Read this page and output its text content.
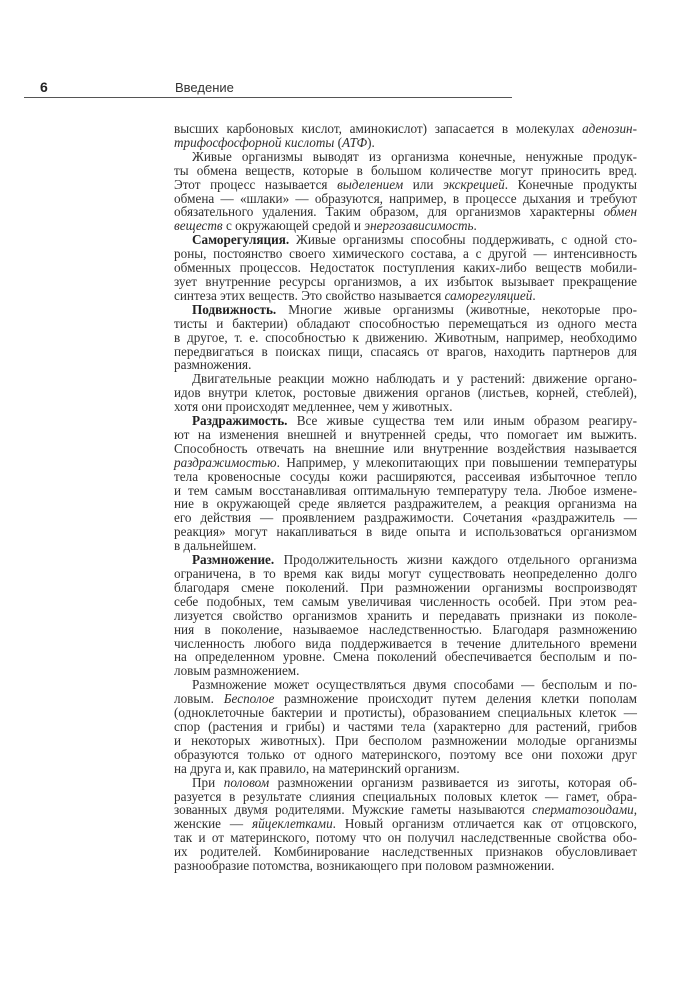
6	Введение
высших карбоновых кислот, аминокислот) запасается в молекулах аденозин-
трифосфосфорной кислоты (АТФ).
Живые организмы выводят из организма конечные, ненужные продук-
ты обмена веществ, которые в большом количестве могут приносить вред.
Этот процесс называется выделением или экскрецией. Конечные продукты
обмена — «шлаки» — образуются, например, в процессе дыхания и требуют
обязательного удаления. Таким образом, для организмов характерны обмен
веществ с окружающей средой и энергозависимость.
Саморегуляция. Живые организмы способны поддерживать, с одной сто-
роны, постоянство своего химического состава, а с другой — интенсивность
обменных процессов. Недостаток поступления каких-либо веществ мобили-
зует внутренние ресурсы организмов, а их избыток вызывает прекращение
синтеза этих веществ. Это свойство называется саморегуляцией.
Подвижность. Многие живые организмы (животные, некоторые про-
тисты и бактерии) обладают способностью перемещаться из одного места
в другое, т. е. способностью к движению. Животным, например, необходимо
передвигаться в поисках пищи, спасаясь от врагов, находить партнеров для
размножения.
Двигательные реакции можно наблюдать и у растений: движение органо-
идов внутри клеток, ростовые движения органов (листьев, корней, стеблей),
хотя они происходят медленнее, чем у животных.
Раздражимость. Все живые существа тем или иным образом реагиру-
ют на изменения внешней и внутренней среды, что помогает им выжить.
Способность отвечать на внешние или внутренние воздействия называется
раздражимостью. Например, у млекопитающих при повышении температуры
тела кровеносные сосуды кожи расширяются, рассеивая избыточное тепло
и тем самым восстанавливая оптимальную температуру тела. Любое измене-
ние в окружающей среде является раздражителем, а реакция организма на
его действия — проявлением раздражимости. Сочетания «раздражитель —
реакция» могут накапливаться в виде опыта и использоваться организмом
в дальнейшем.
Размножение. Продолжительность жизни каждого отдельного организма
ограничена, в то время как виды могут существовать неопределенно долго
благодаря смене поколений. При размножении организмы воспроизводят
себе подобных, тем самым увеличивая численность особей. При этом реа-
лизуется свойство организмов хранить и передавать признаки из поколе-
ния в поколение, называемое наследственностью. Благодаря размножению
численность любого вида поддерживается в течение длительного времени
на определенном уровне. Смена поколений обеспечивается бесполым и по-
ловым размножением.
Размножение может осуществляться двумя способами — бесполым и по-
ловым. Бесполое размножение происходит путем деления клетки пополам
(одноклеточные бактерии и протисты), образованием специальных клеток —
спор (растения и грибы) и частями тела (характерно для растений, грибов
и некоторых животных). При бесполом размножении молодые организмы
образуются только от одного материнского, поэтому все они похожи друг
на друга и, как правило, на материнский организм.
При половом размножении организм развивается из зиготы, которая об-
разуется в результате слияния специальных половых клеток — гамет, обра-
зованных двумя родителями. Мужские гаметы называются сперматозоидами,
женские — яйцеклетками. Новый организм отличается как от отцовского,
так и от материнского, потому что он получил наследственные свойства обо-
их родителей. Комбинирование наследственных признаков обусловливает
разнообразие потомства, возникающего при половом размножении.
